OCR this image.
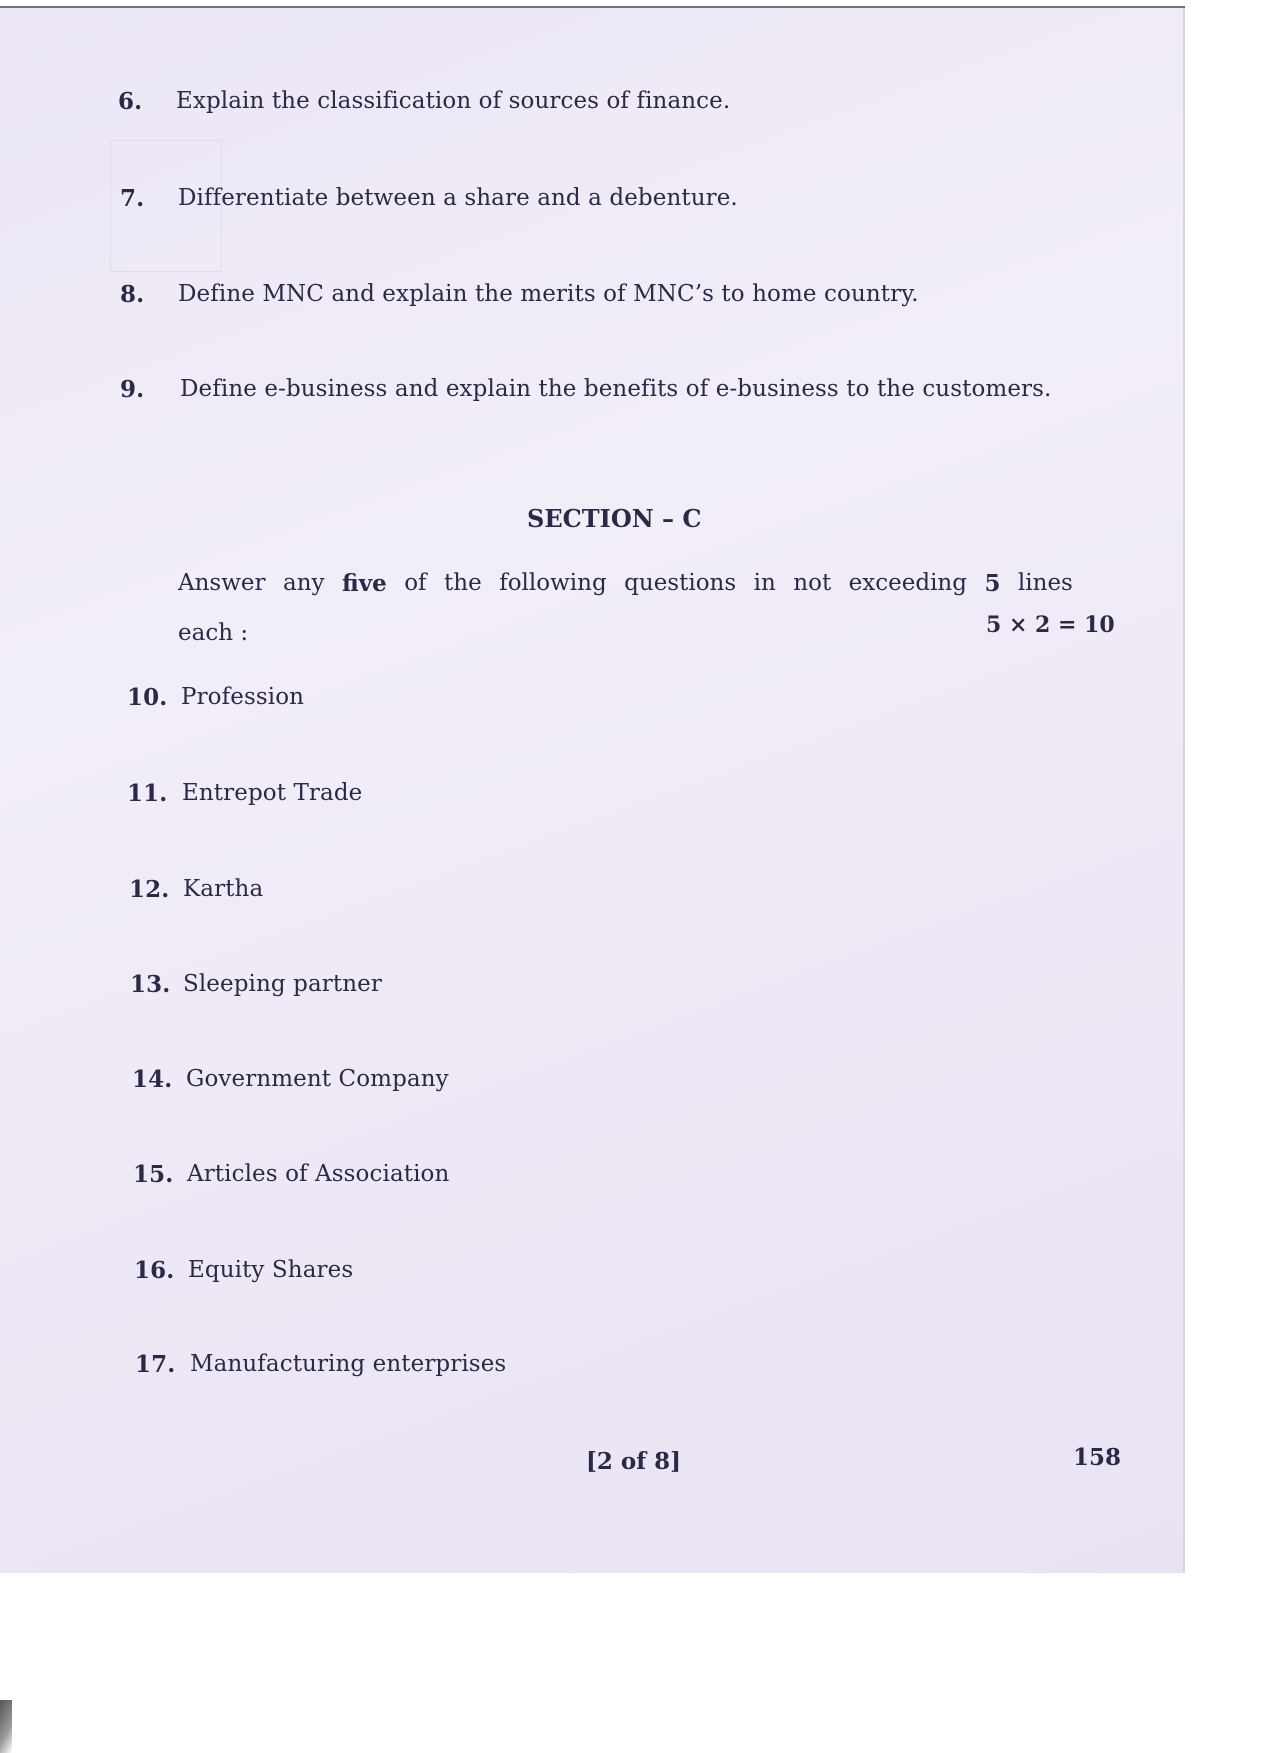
6. Explain the classification of sources of finance.
7. Differentiate between a share and a debenture.
8. Define MNC and explain the merits of MNC’s to home country.
9. Define e-business and explain the benefits of e-business to the customers.
SECTION – C
Answer any five of the following questions in not exceeding 5 lines
each :	5 × 2 = 10
10. Profession
11. Entrepot Trade
12. Kartha
13. Sleeping partner
14. Government Company
15. Articles of Association
16. Equity Shares
17. Manufacturing enterprises
[2 of 8]	158
